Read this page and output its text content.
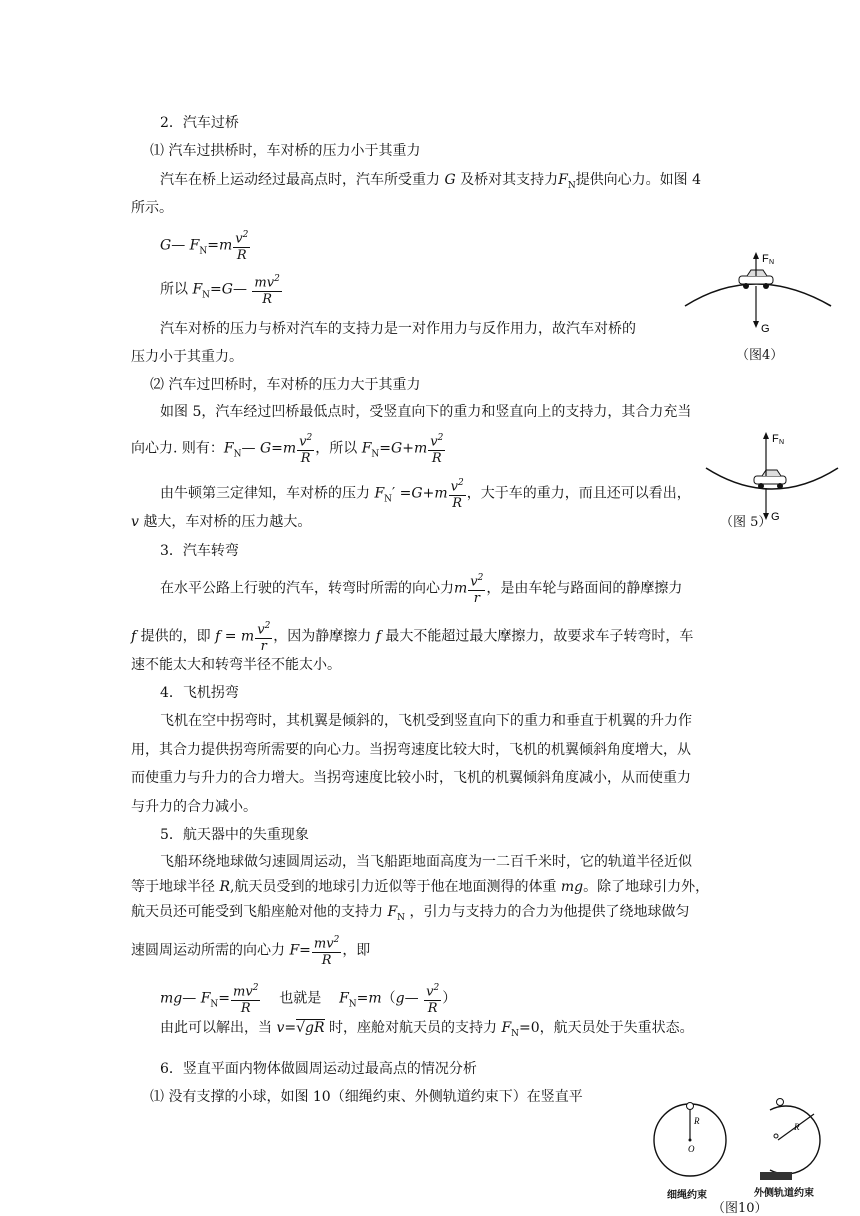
2．汽车过桥
⑴ 汽车过拱桥时，车对桥的压力小于其重力
汽车在桥上运动经过最高点时，汽车所受重力 G 及桥对其支持力$F_N$提供向心力。如图 4
所示。
G— $F_N=m \frac{v^2}{R}$
所以 $F_N=G— \frac{mv^2}{R}$
汽车对桥的压力与桥对汽车的支持力是一对作用力与反作用力，故汽车对桥的
压力小于其重力。
⑵ 汽车过凹桥时，车对桥的压力大于其重力
如图 5，汽车经过凹桥最低点时，受竖直向下的重力和竖直向上的支持力，其合力充当
向心力. 则有：$F_N—$ $G=m \frac{v^2}{R}$ ，所以 $F_N=G+m \frac{v^2}{R}$
由牛顿第三定律知，车对桥的压力 $F_N' =G+m \frac{v^2}{R}$ ，大于车的重力，而且还可以看出，
v 越大，车对桥的压力越大。
F N
G
（图4）
F N
G
（图 5）
3．汽车转弯
在水平公路上行驶的汽车，转弯时所需的向心力m $\frac{v^2}{r}$ ，是由车轮与路面间的静摩擦力
f 提供的，即 f = m $\frac{v^2}{r}$ ，因为静摩擦力 f 最大不能超过最大摩擦力，故要求车子转弯时，车
速不能太大和转弯半径不能太小。
4．飞机拐弯
飞机在空中拐弯时，其机翼是倾斜的，飞机受到竖直向下的重力和垂直于机翼的升力作
用，其合力提供拐弯所需要的向心力。当拐弯速度比较大时，飞机的机翼倾斜角度增大，从
而使重力与升力的合力增大。当拐弯速度比较小时，飞机的机翼倾斜角度减小，从而使重力
与升力的合力减小。
5．航天器中的失重现象
飞船环绕地球做匀速圆周运动，当飞船距地面高度为一二百千米时，它的轨道半径近似
等于地球半径 R,航天员受到的地球引力近似等于他在地面测得的体重 mg。除了地球引力外，
航天员还可能受到飞船座舱对他的支持力 $F_N$ ，引力与支持力的合力为他提供了绕地球做匀
速圆周运动所需的向心力 $F= \frac{mv^2}{R}$ ，即
mg— $F_N= \frac{mv^2}{R}$ 也就是 $F_N=m(g— \frac{v^2}{R}$ ）
由此可以解出，当 v=√gR 时，座舱对航天员的支持力 $F_N=0$，航天员处于失重状态。
6．竖直平面内物体做圆周运动过最高点的情况分析
⑴ 没有支撑的小球，如图 10（细绳约束、外侧轨道约束下）在竖直平
R
O
细绳约束
R
外侧轨道约束
（图10）
